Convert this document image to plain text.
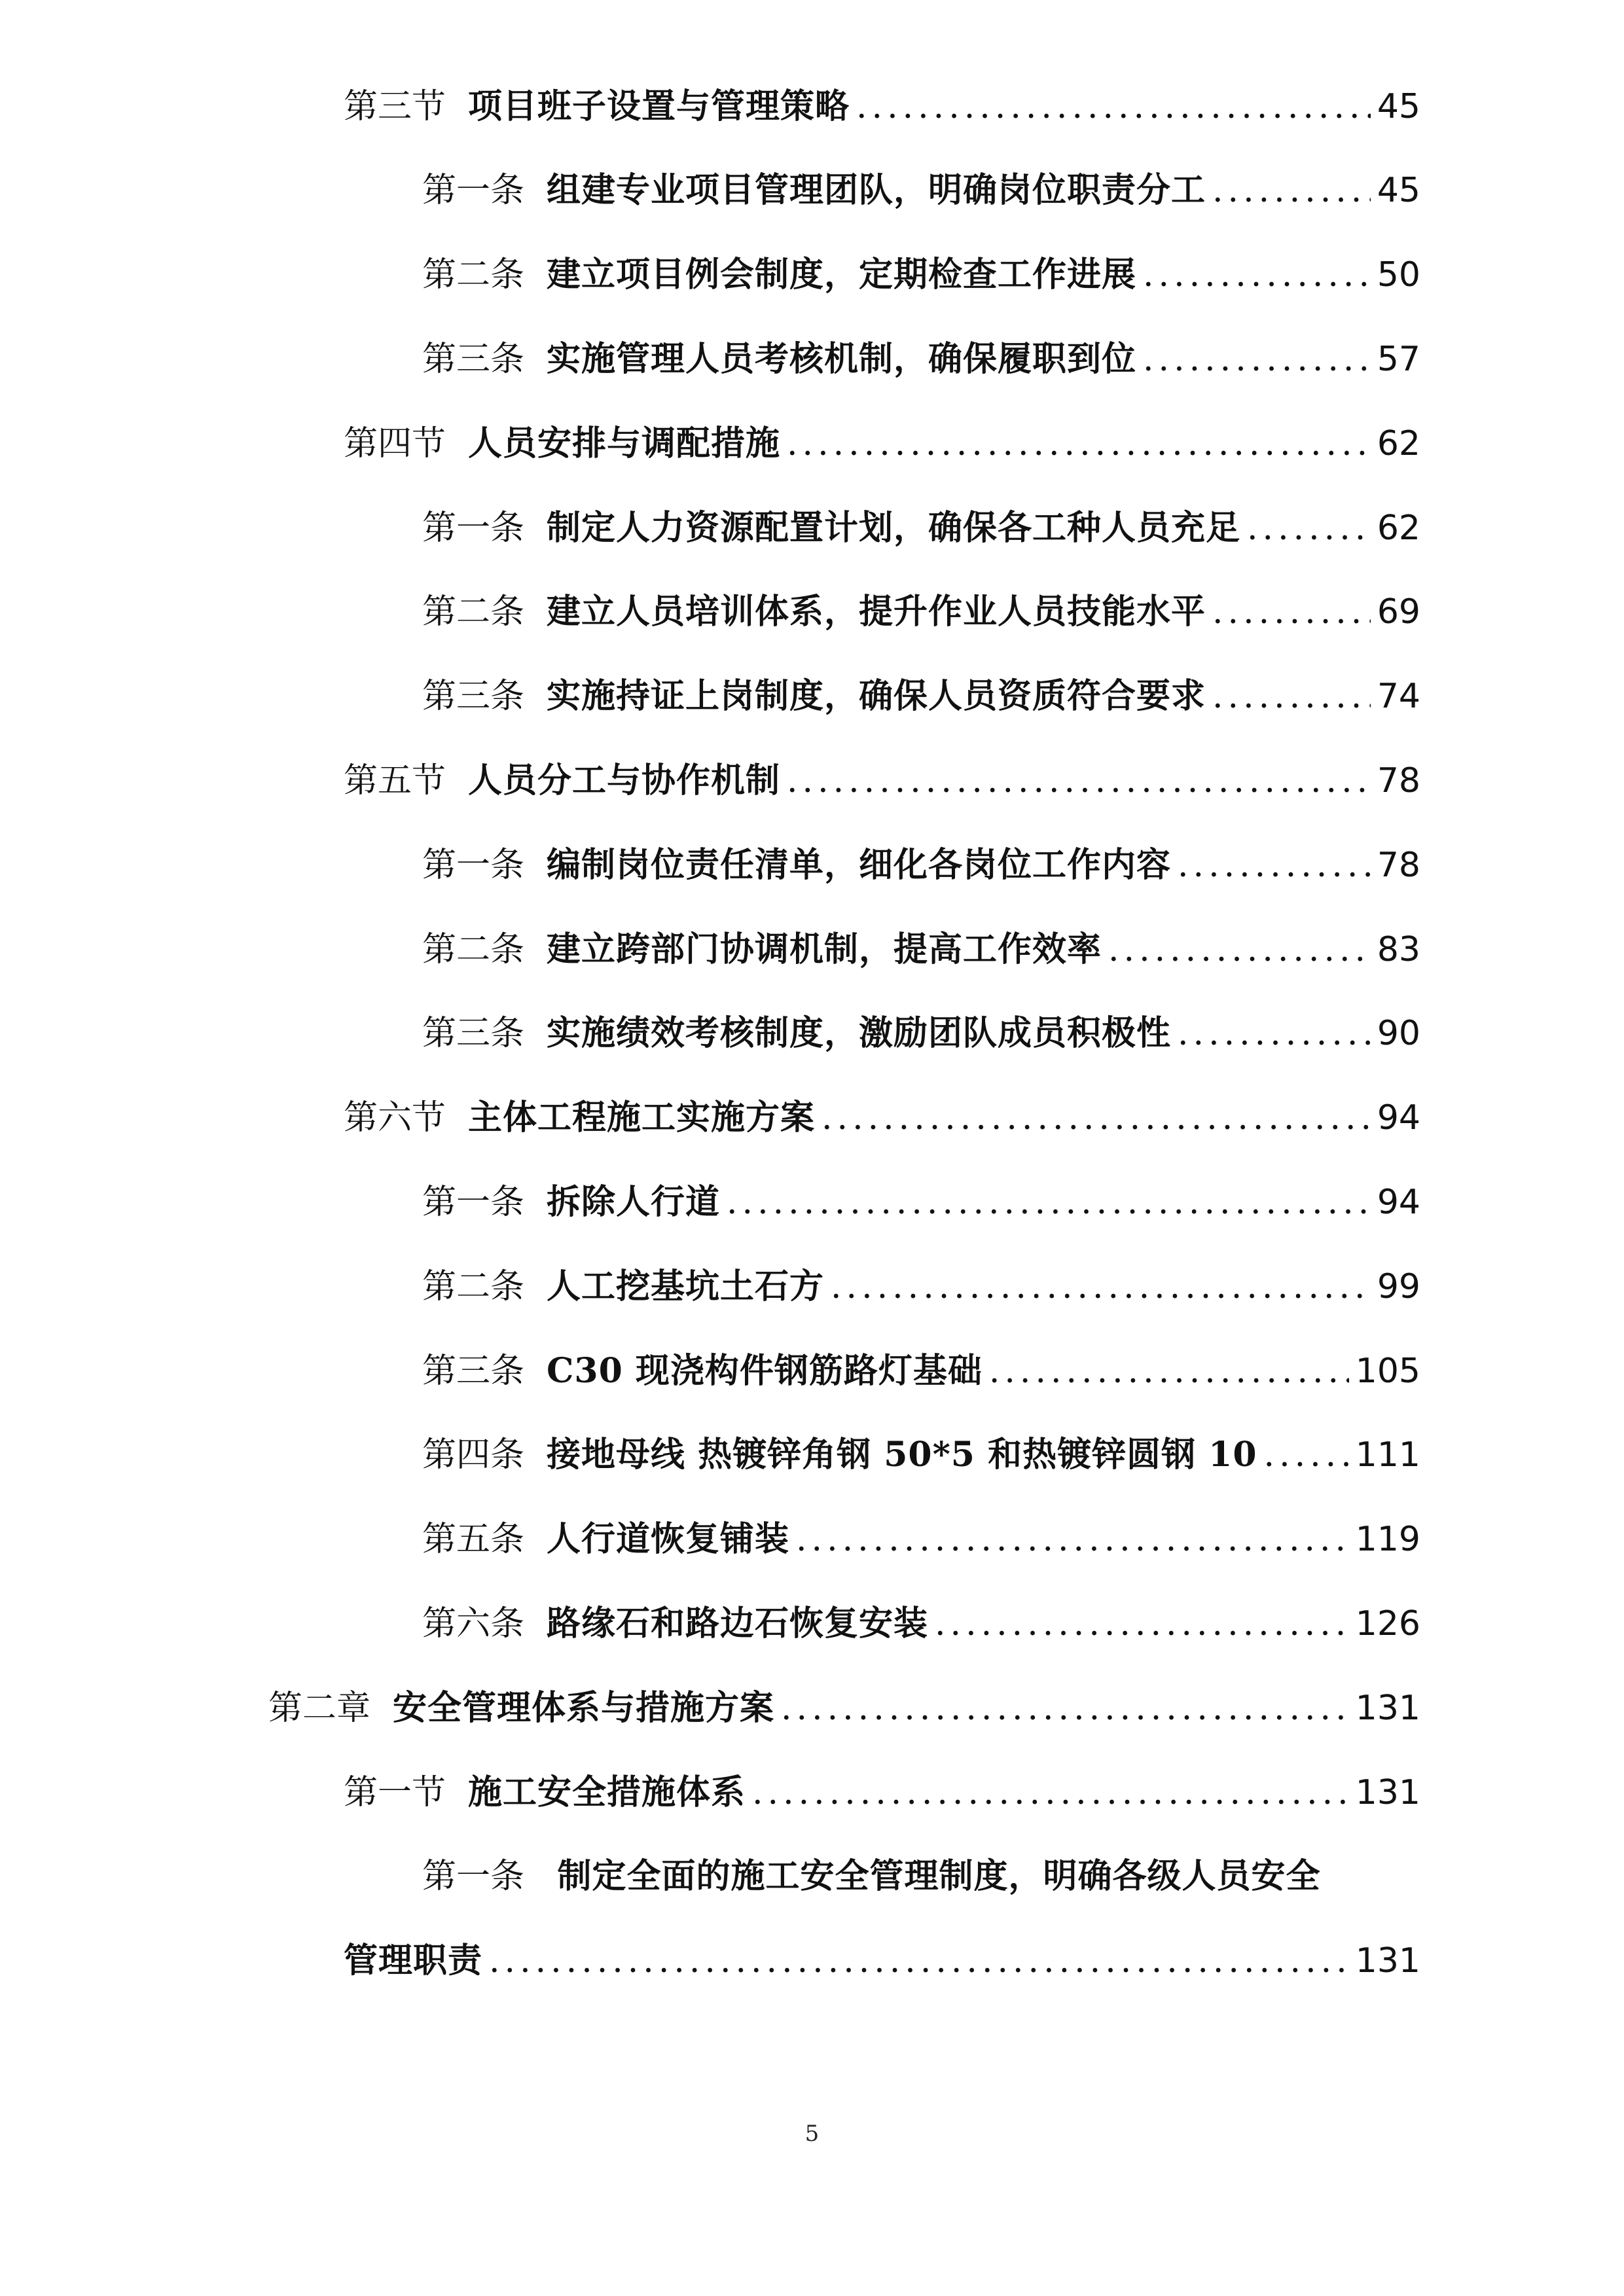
第三节 项目班子设置与管理策略 .....	45
第一条 组建专业项目管理团队，明确岗位职责分工 .....	45
第二条 建立项目例会制度，定期检查工作进展 .....	50
第三条 实施管理人员考核机制，确保履职到位 .....	57
第四节 人员安排与调配措施 .....	62
第一条 制定人力资源配置计划，确保各工种人员充足 .....	62
第二条 建立人员培训体系，提升作业人员技能水平 .....	69
第三条 实施持证上岗制度，确保人员资质符合要求 .....	74
第五节 人员分工与协作机制 .....	78
第一条 编制岗位责任清单，细化各岗位工作内容 .....	78
第二条 建立跨部门协调机制，提高工作效率 .....	83
第三条 实施绩效考核制度，激励团队成员积极性 .....	90
第六节 主体工程施工实施方案 .....	94
第一条 拆除人行道 .....	94
第二条 人工挖基坑土石方 .....	99
第三条 C30 现浇构件钢筋路灯基础 .....	105
第四条 接地母线 热镀锌角钢 50*5 和热镀锌圆钢 10 .....	111
第五条 人行道恢复铺装 .....	119
第六条 路缘石和路边石恢复安装 .....	126
第二章 安全管理体系与措施方案 .....	131
第一节 施工安全措施体系 .....	131
第一条 制定全面的施工安全管理制度，明确各级人员安全
管理职责 .....	131
5
